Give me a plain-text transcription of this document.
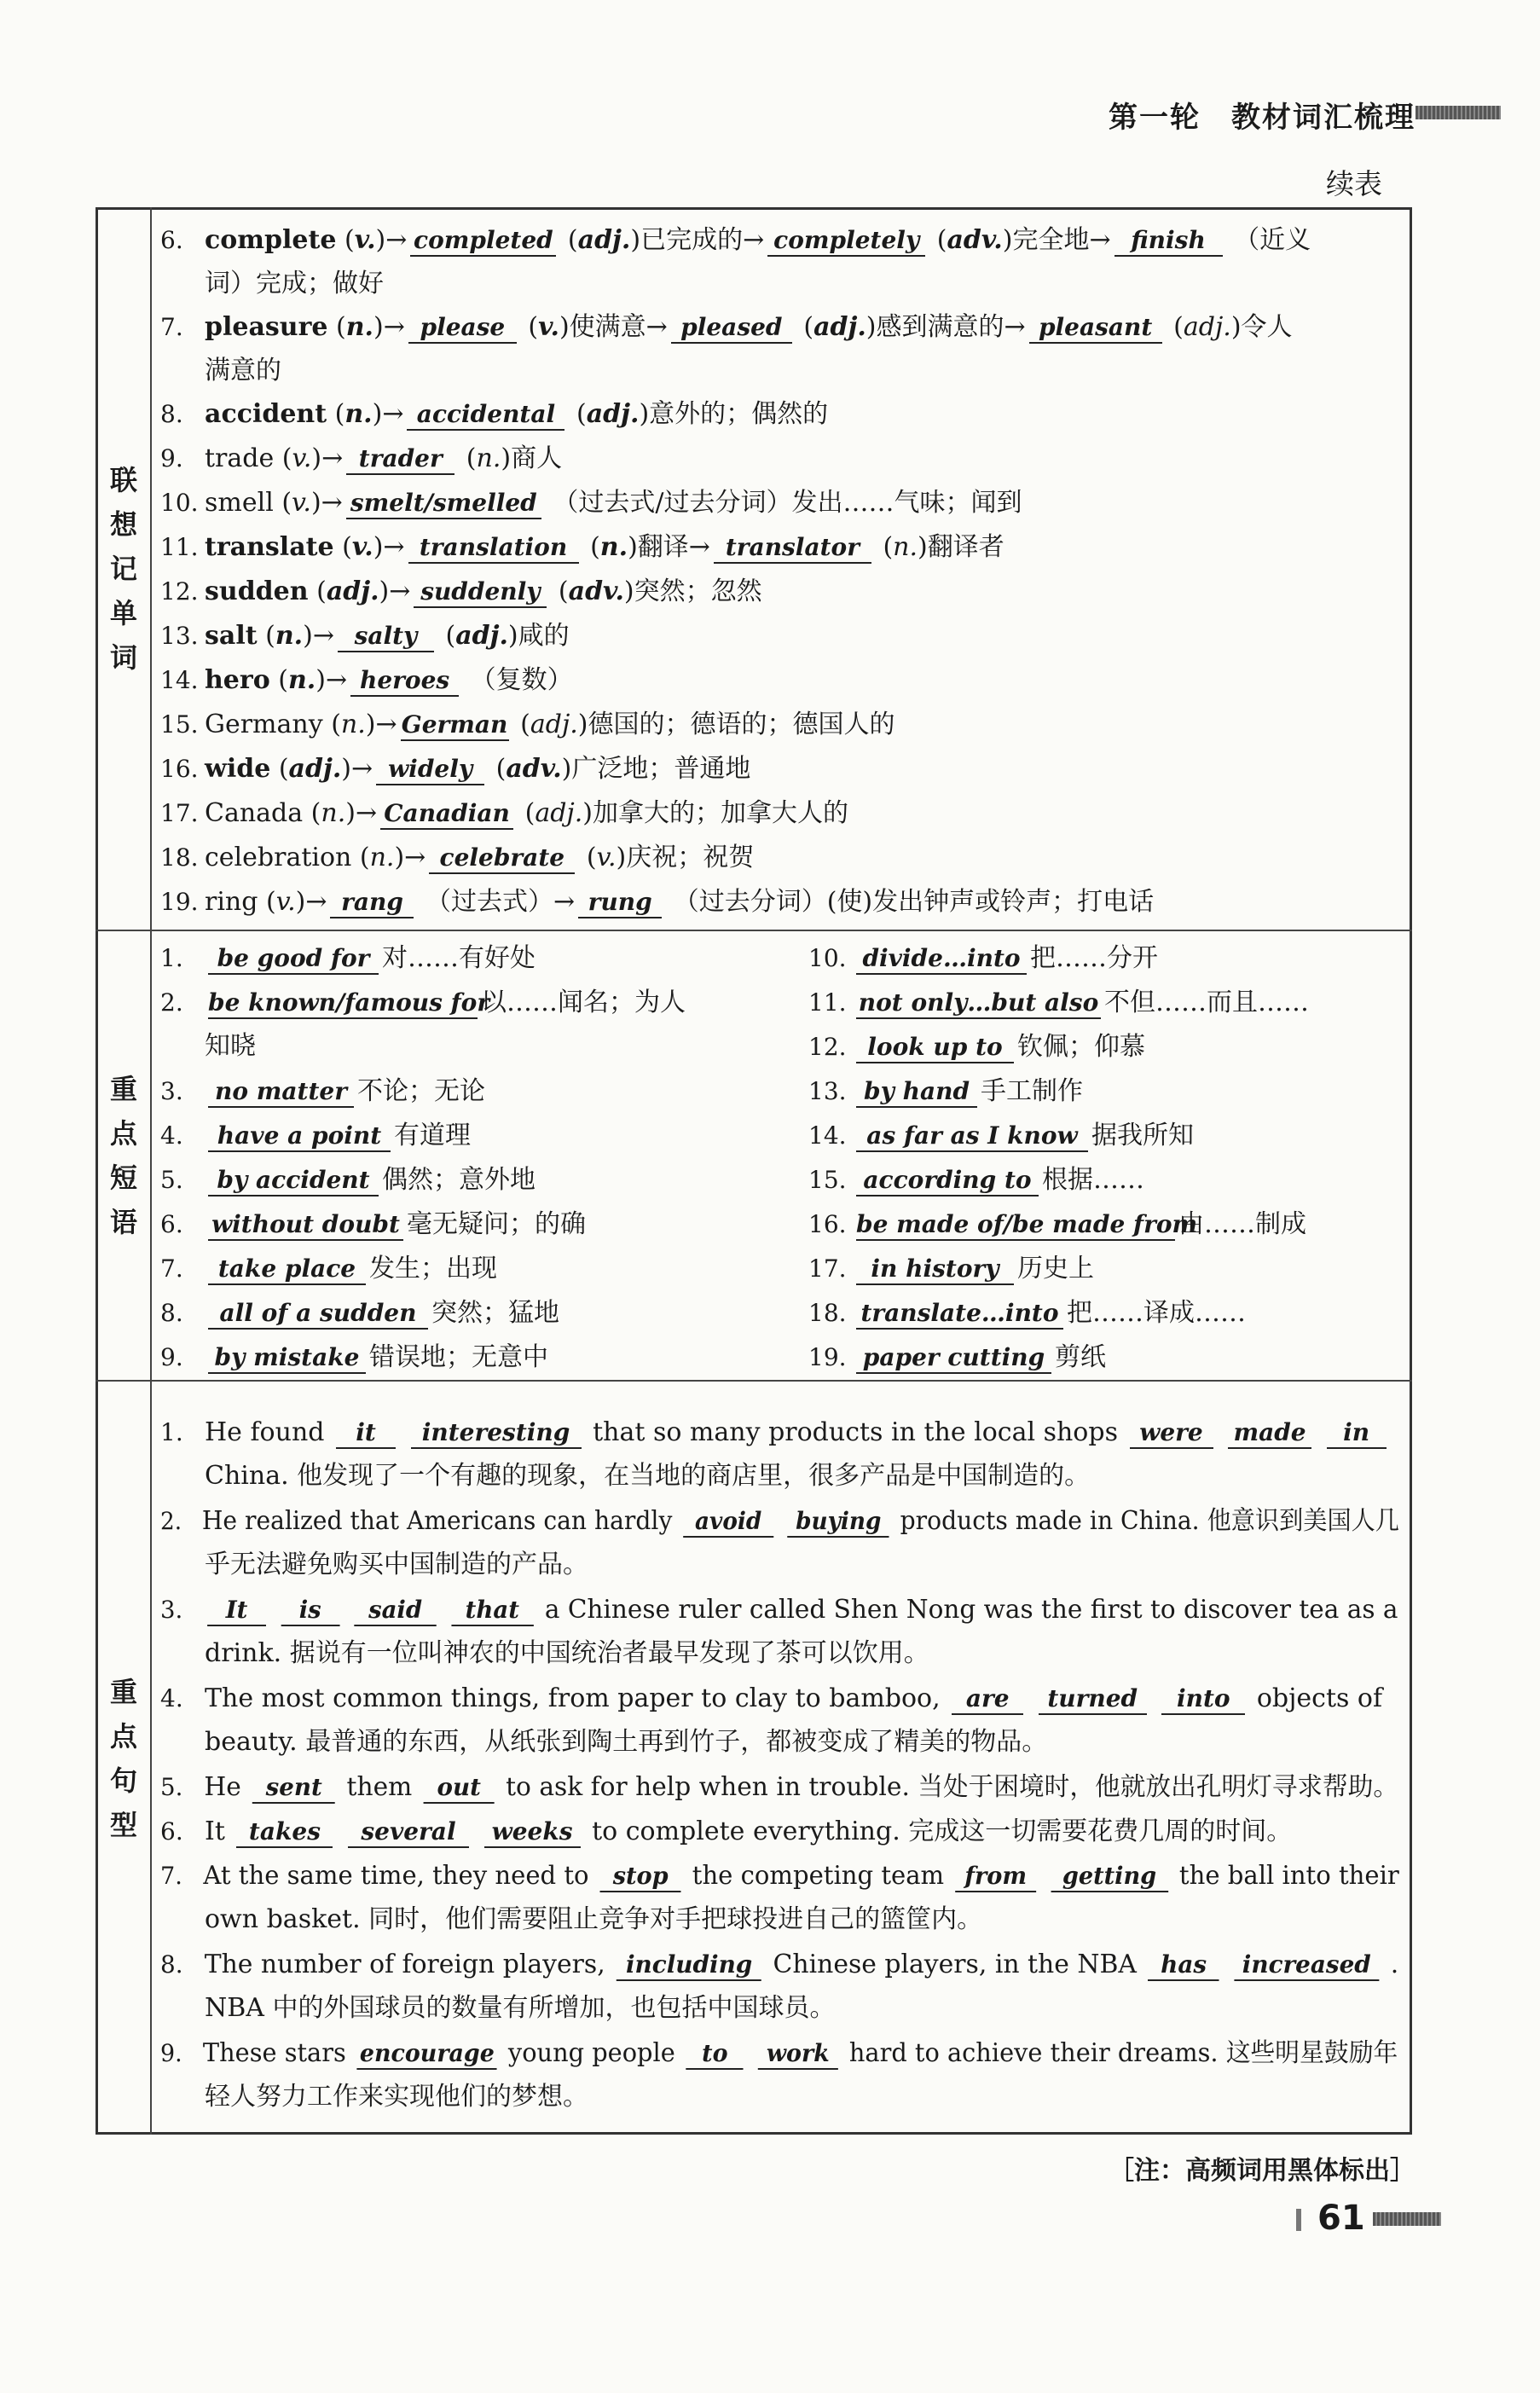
第一轮　教材词汇梳理
续表
联
想
记
单
词
重
点
短
语
重
点
句
型
6. complete (v.)→ completed (adj.)已完成的→ completely (adv.)完全地→ finish （近义
词）完成；做好
7. pleasure (n.)→ please (v.)使满意→ pleased (adj.)感到满意的→ pleasant (adj.)令人
满意的
8. accident (n.)→ accidental (adj.)意外的；偶然的
9. trade (v.)→ trader (n.)商人
10. smell (v.)→ smelt/smelled （过去式/过去分词）发出……气味；闻到
11. translate (v.)→ translation (n.)翻译→ translator (n.)翻译者
12. sudden (adj.)→ suddenly (adv.)突然；忽然
13. salt (n.)→ salty (adj.)咸的
14. hero (n.)→ heroes （复数）
15. Germany (n.)→ German (adj.)德国的；德语的；德国人的
16. wide (adj.)→ widely (adv.)广泛地；普通地
17. Canada (n.)→ Canadian (adj.)加拿大的；加拿大人的
18. celebration (n.)→ celebrate (v.)庆祝；祝贺
19. ring (v.)→ rang （过去式）→ rung （过去分词）(使)发出钟声或铃声；打电话
1. be good for 对……有好处
2. be known/famous for以……闻名；为人
知晓
3. no matter 不论；无论
4. have a point 有道理
5. by accident 偶然；意外地
6. without doubt 毫无疑问；的确
7. take place 发生；出现
8. all of a sudden 突然；猛地
9. by mistake 错误地；无意中
10. divide…into 把……分开
11. not only…but also 不但……而且……
12. look up to 钦佩；仰慕
13. by hand 手工制作
14. as far as I know 据我所知
15. according to 根据……
16. be made of/be made from由……制成
17. in history 历史上
18. translate…into 把……译成……
19. paper cutting 剪纸
1. He found it interesting that so many products in the local shops were made in
China. 他发现了一个有趣的现象，在当地的商店里，很多产品是中国制造的。
2. He realized that Americans can hardly avoid buying products made in China. 他意识到美国人几
乎无法避免购买中国制造的产品。
3. It is said that a Chinese ruler called Shen Nong was the first to discover tea as a
drink. 据说有一位叫神农的中国统治者最早发现了茶可以饮用。
4. The most common things, from paper to clay to bamboo, are turned into objects of
beauty. 最普通的东西，从纸张到陶土再到竹子，都被变成了精美的物品。
5. He sent them out to ask for help when in trouble. 当处于困境时，他就放出孔明灯寻求帮助。
6. It takes several weeks to complete everything. 完成这一切需要花费几周的时间。
7. At the same time, they need to stop the competing team from getting the ball into their
own basket. 同时，他们需要阻止竞争对手把球投进自己的篮筐内。
8. The number of foreign players, including Chinese players, in the NBA has increased .
NBA 中的外国球员的数量有所增加，也包括中国球员。
9. These stars encourage young people to work hard to achieve their dreams. 这些明星鼓励年
轻人努力工作来实现他们的梦想。
［注：高频词用黑体标出］
61
